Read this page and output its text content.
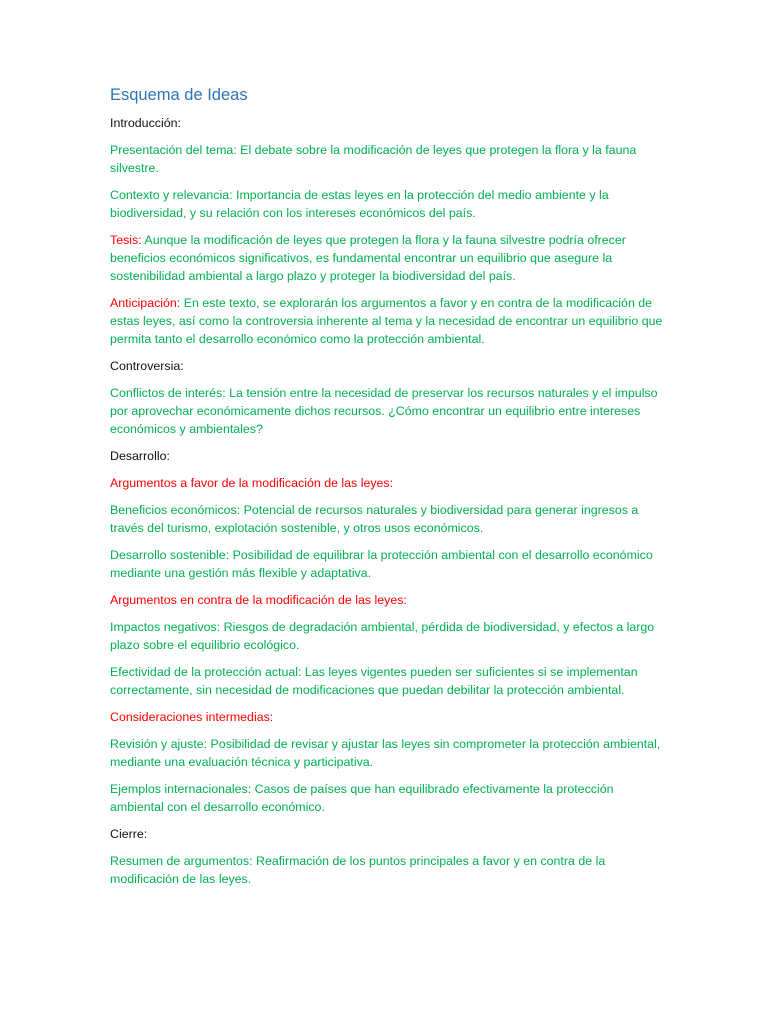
Esquema de Ideas

Introducción:

Presentación del tema: El debate sobre la modificación de leyes que protegen la flora y la fauna silvestre.

Contexto y relevancia: Importancia de estas leyes en la protección del medio ambiente y la biodiversidad, y su relación con los intereses económicos del país.

Tesis: Aunque la modificación de leyes que protegen la flora y la fauna silvestre podría ofrecer beneficios económicos significativos, es fundamental encontrar un equilibrio que asegure la sostenibilidad ambiental a largo plazo y proteger la biodiversidad del país.

Anticipación: En este texto, se explorarán los argumentos a favor y en contra de la modificación de estas leyes, así como la controversia inherente al tema y la necesidad de encontrar un equilibrio que permita tanto el desarrollo económico como la protección ambiental.

Controversia:

Conflictos de interés: La tensión entre la necesidad de preservar los recursos naturales y el impulso por aprovechar económicamente dichos recursos. ¿Cómo encontrar un equilibrio entre intereses económicos y ambientales?

Desarrollo:

Argumentos a favor de la modificación de las leyes:

Beneficios económicos: Potencial de recursos naturales y biodiversidad para generar ingresos a través del turismo, explotación sostenible, y otros usos económicos.

Desarrollo sostenible: Posibilidad de equilibrar la protección ambiental con el desarrollo económico mediante una gestión más flexible y adaptativa.

Argumentos en contra de la modificación de las leyes:

Impactos negativos: Riesgos de degradación ambiental, pérdida de biodiversidad, y efectos a largo plazo sobre el equilibrio ecológico.

Efectividad de la protección actual: Las leyes vigentes pueden ser suficientes si se implementan correctamente, sin necesidad de modificaciones que puedan debilitar la protección ambiental.

Consideraciones intermedias:

Revisión y ajuste: Posibilidad de revisar y ajustar las leyes sin comprometer la protección ambiental, mediante una evaluación técnica y participativa.

Ejemplos internacionales: Casos de países que han equilibrado efectivamente la protección ambiental con el desarrollo económico.

Cierre:

Resumen de argumentos: Reafirmación de los puntos principales a favor y en contra de la modificación de las leyes.
